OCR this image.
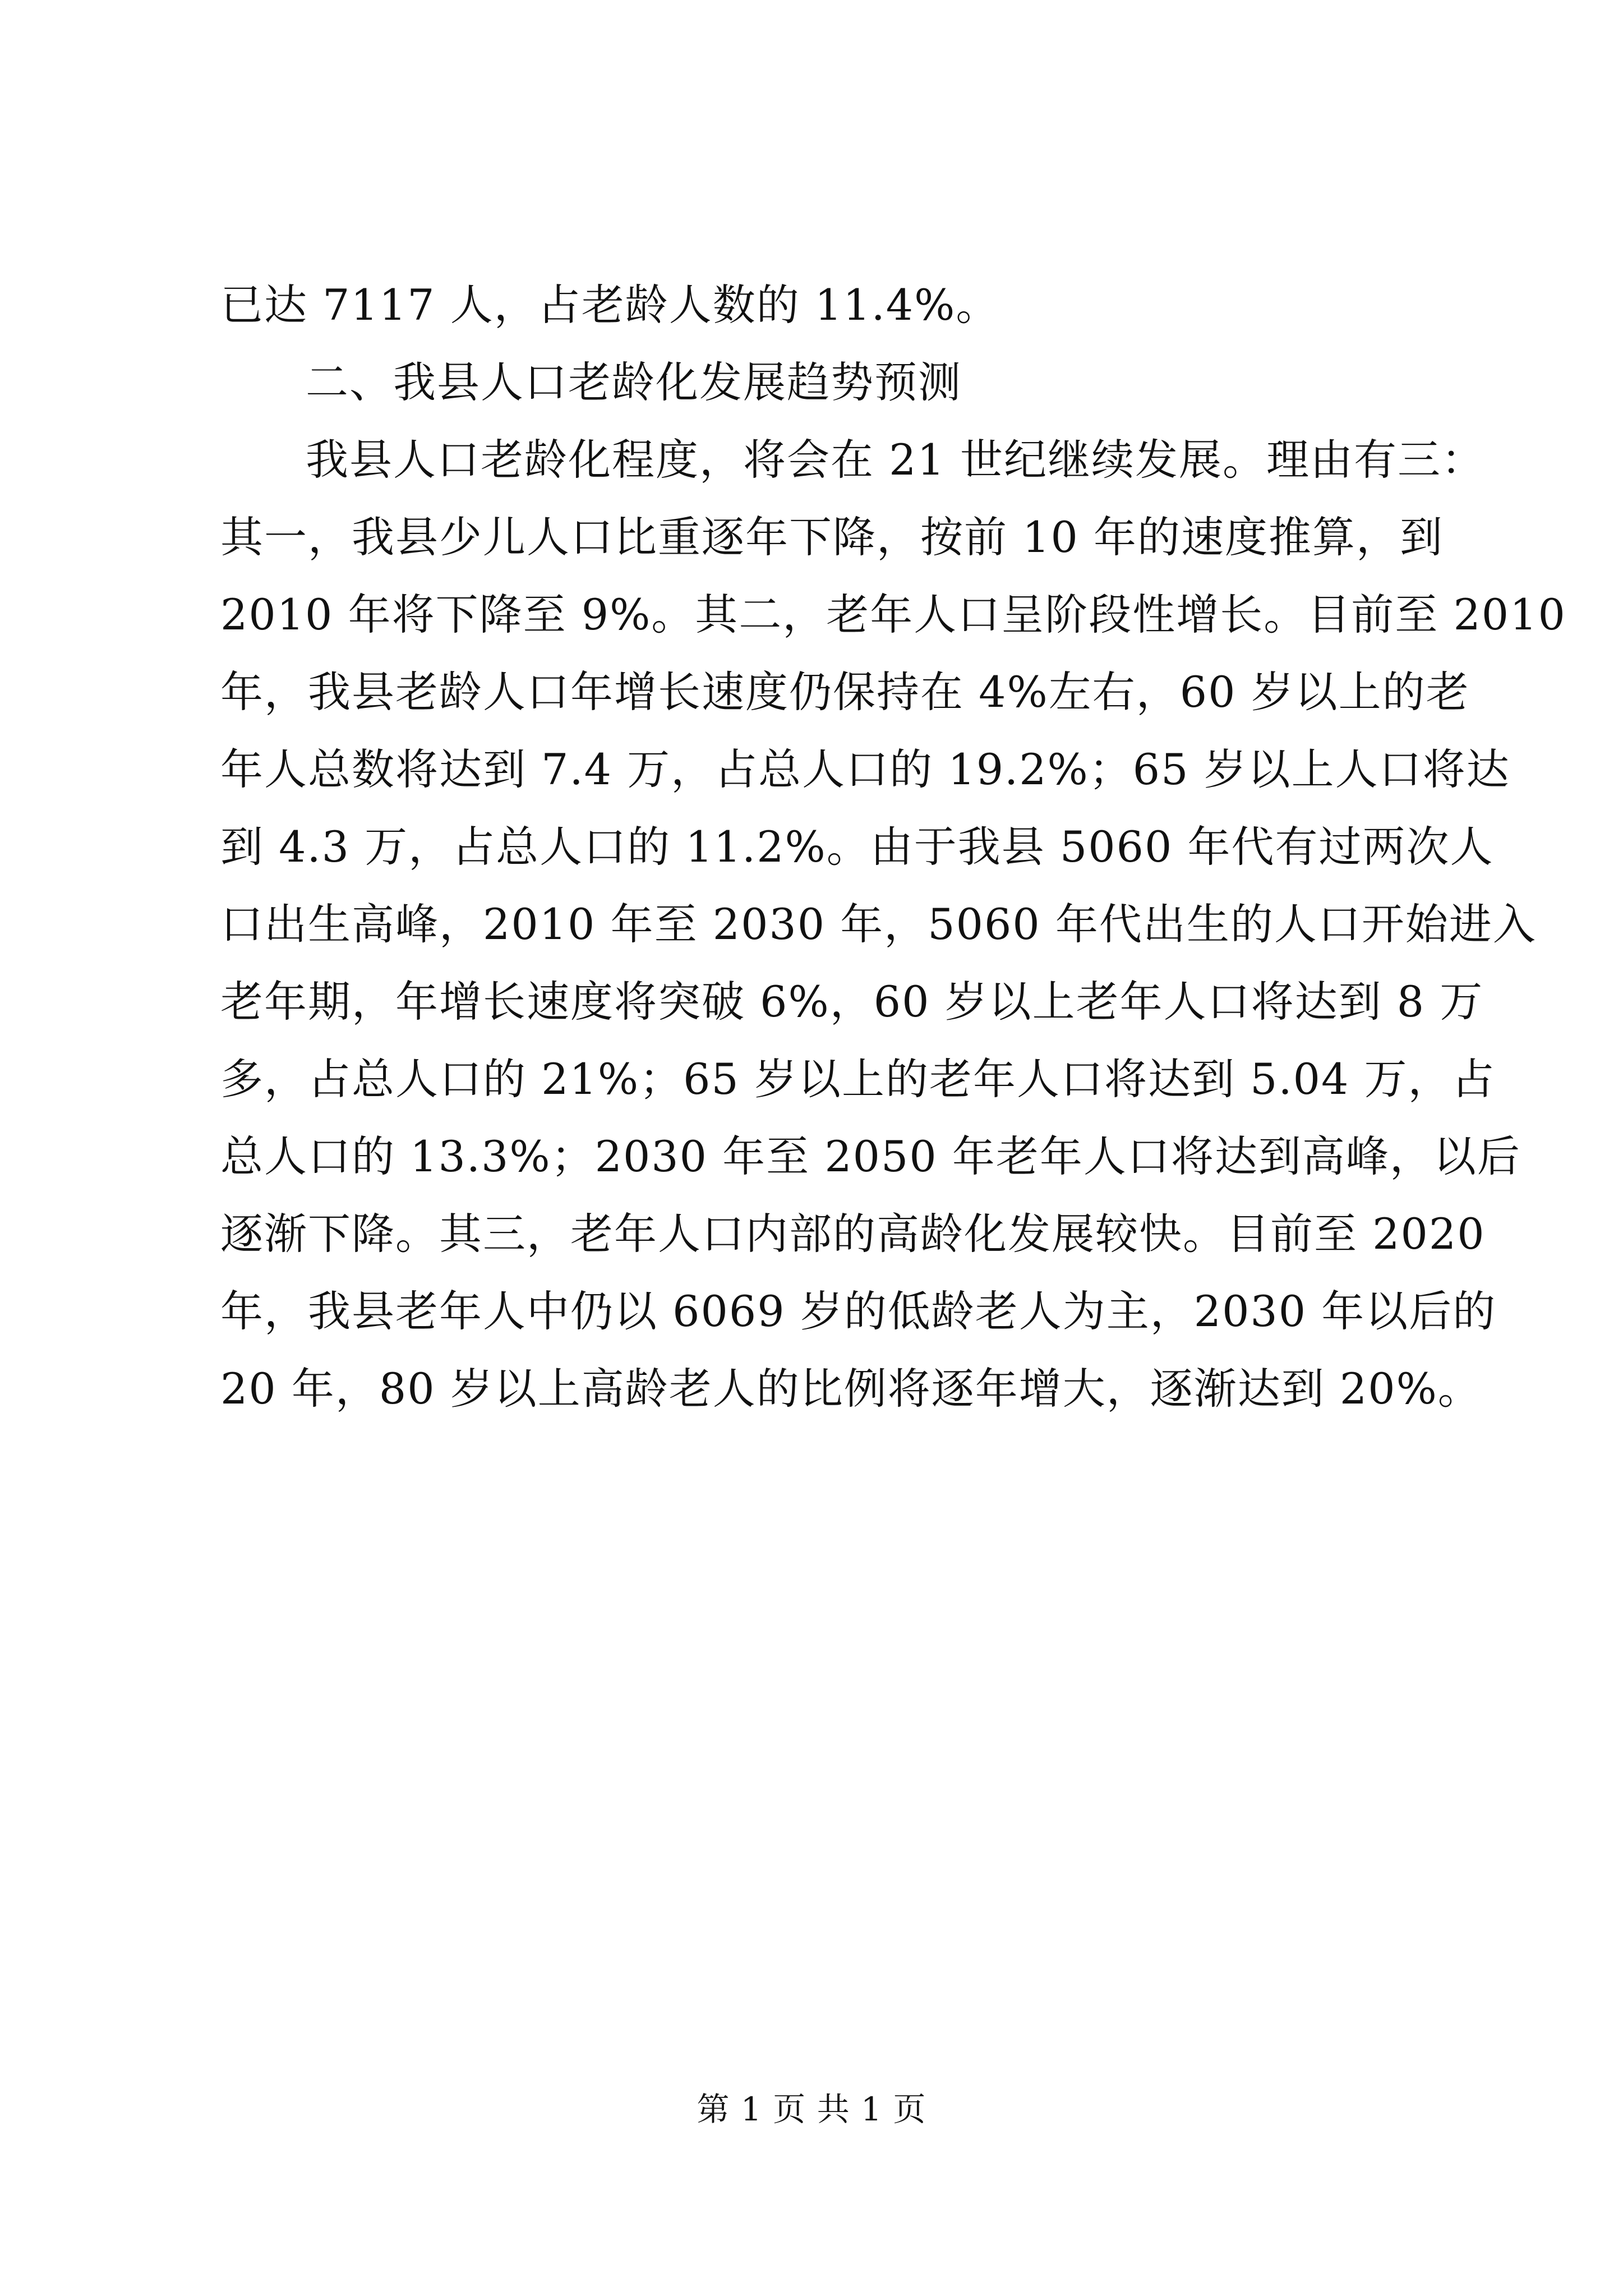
已达 7117 人，占老龄人数的 11.4%。
二、我县人口老龄化发展趋势预测
我县人口老龄化程度，将会在 21 世纪继续发展。理由有三：
其一，我县少儿人口比重逐年下降，按前 10 年的速度推算，到
2010 年将下降至 9%。其二，老年人口呈阶段性增长。目前至 2010
年，我县老龄人口年增长速度仍保持在 4%左右，60 岁以上的老
年人总数将达到 7.4 万，占总人口的 19.2%；65 岁以上人口将达
到 4.3 万，占总人口的 11.2%。由于我县 5060 年代有过两次人
口出生高峰，2010 年至 2030 年，5060 年代出生的人口开始进入
老年期，年增长速度将突破 6%，60 岁以上老年人口将达到 8 万
多，占总人口的 21%；65 岁以上的老年人口将达到 5.04 万，占
总人口的 13.3%；2030 年至 2050 年老年人口将达到高峰，以后
逐渐下降。其三，老年人口内部的高龄化发展较快。目前至 2020
年，我县老年人中仍以 6069 岁的低龄老人为主，2030 年以后的
20 年，80 岁以上高龄老人的比例将逐年增大，逐渐达到 20%。
第 1 页 共 1 页
